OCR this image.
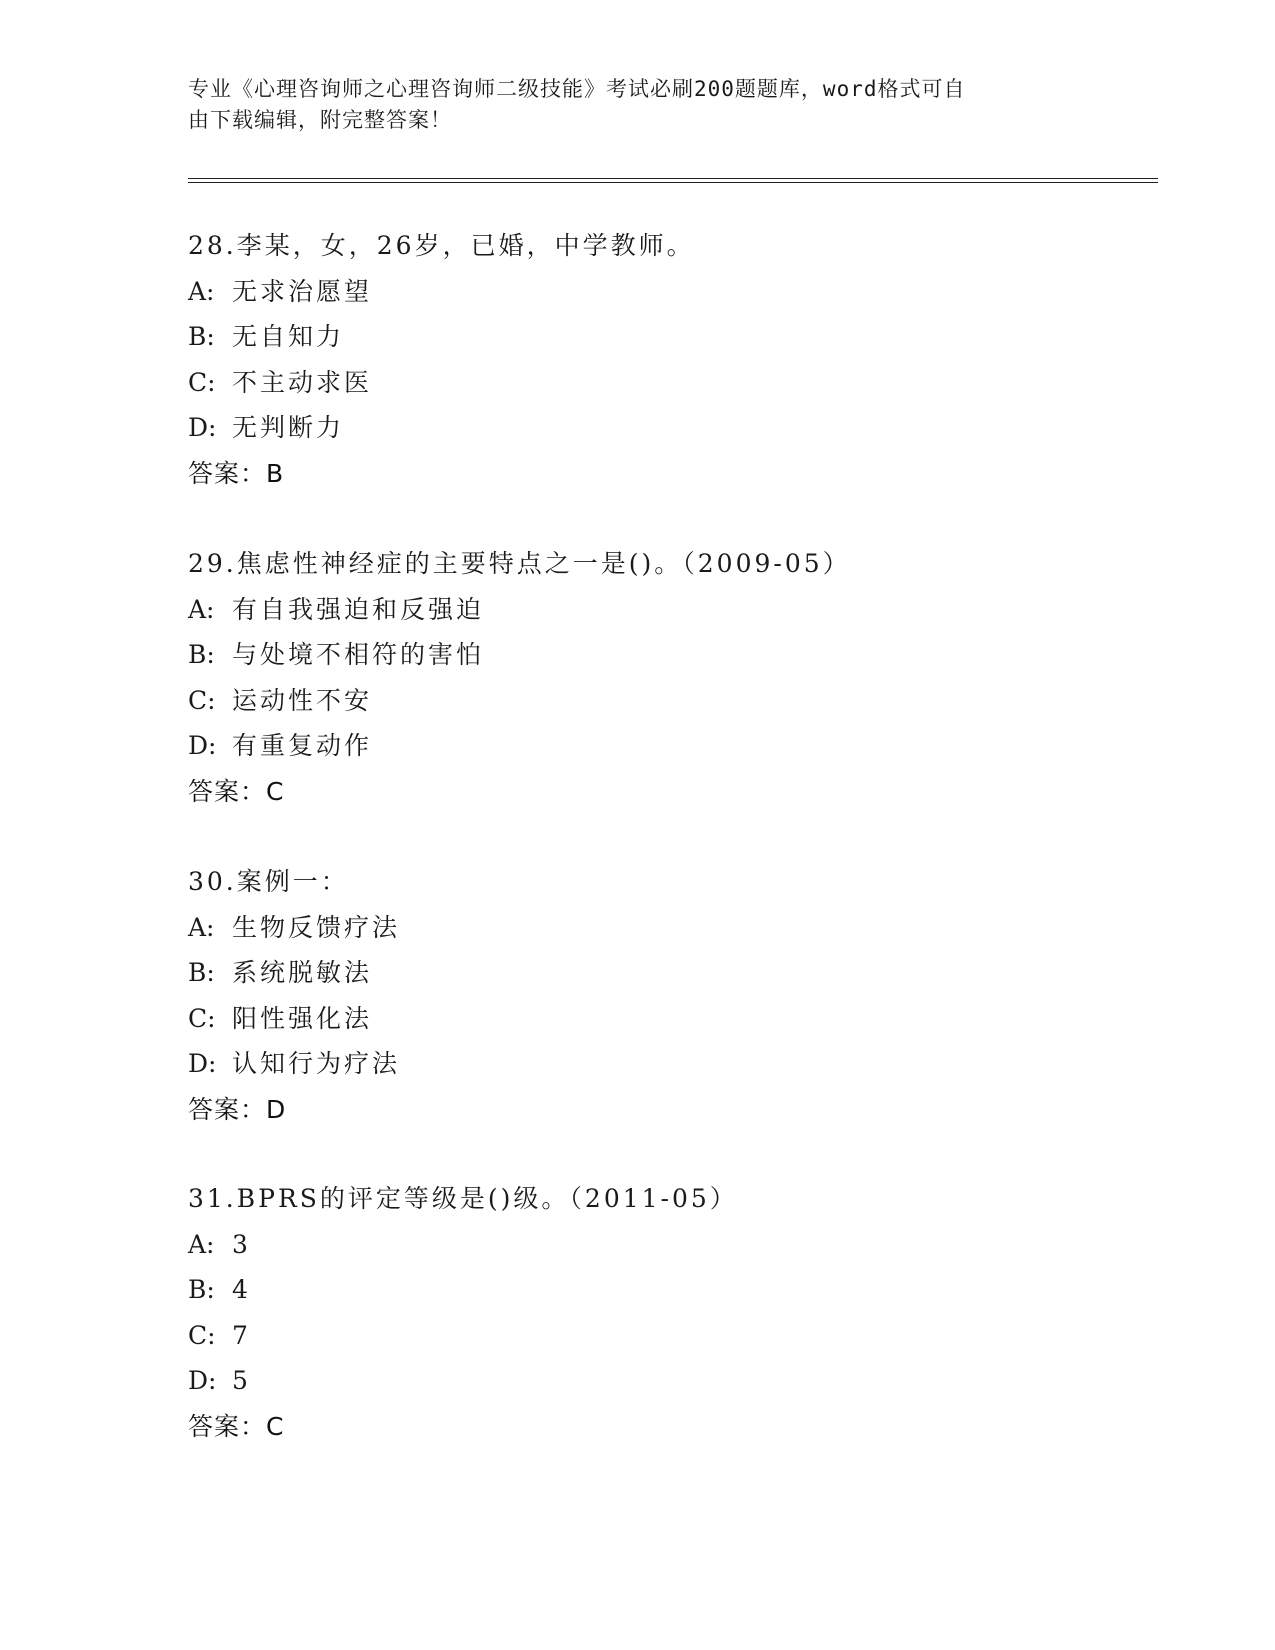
专业《心理咨询师之心理咨询师二级技能》考试必刷200题题库，word格式可自
由下载编辑，附完整答案！
28.李某，女，26岁，已婚，中学教师。
A: 无求治愿望
B: 无自知力
C: 不主动求医
D: 无判断力
答案：B
29.焦虑性神经症的主要特点之一是()。（2009-05）
A: 有自我强迫和反强迫
B: 与处境不相符的害怕
C: 运动性不安
D: 有重复动作
答案：C
30.案例一：
A: 生物反馈疗法
B: 系统脱敏法
C: 阳性强化法
D: 认知行为疗法
答案：D
31.BPRS的评定等级是()级。（2011-05）
A: 3
B: 4
C: 7
D: 5
答案：C
